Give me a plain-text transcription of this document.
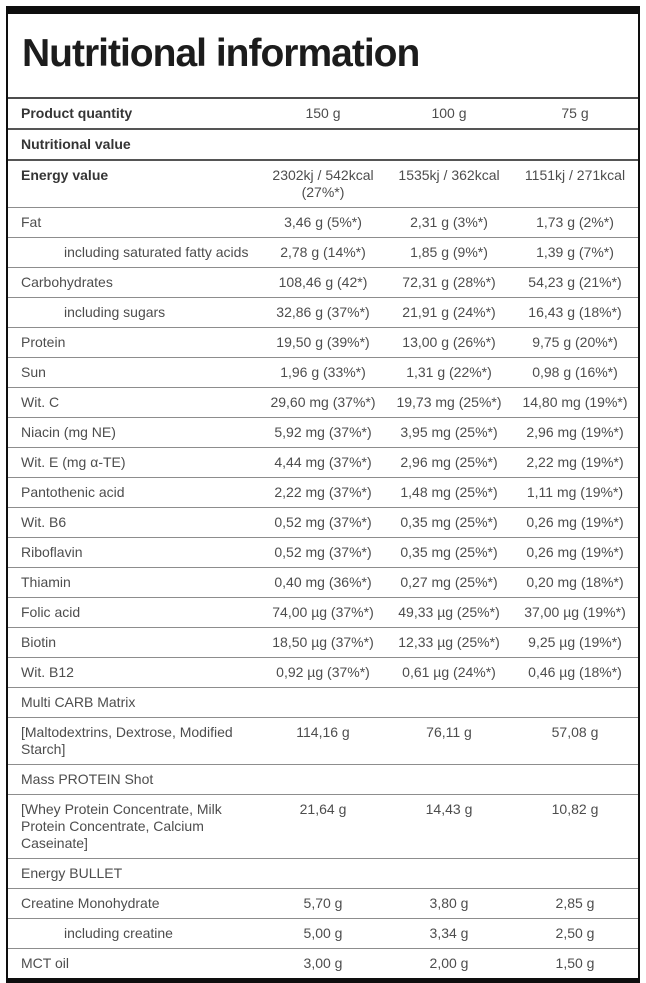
Nutritional information
Product quantity	150 g	100 g	75 g
Nutritional value			
Energy value	2302kj / 542kcal (27%*)	1535kj / 362kcal	1151kj / 271kcal
Fat	3,46 g (5%*)	2,31 g (3%*)	1,73 g (2%*)
including saturated fatty acids	2,78 g (14%*)	1,85 g (9%*)	1,39 g (7%*)
Carbohydrates	108,46 g (42*)	72,31 g (28%*)	54,23 g (21%*)
including sugars	32,86 g (37%*)	21,91 g (24%*)	16,43 g (18%*)
Protein	19,50 g (39%*)	13,00 g (26%*)	9,75 g (20%*)
Sun	1,96 g (33%*)	1,31 g (22%*)	0,98 g (16%*)
Wit. C	29,60 mg (37%*)	19,73 mg (25%*)	14,80 mg (19%*)
Niacin (mg NE)	5,92 mg (37%*)	3,95 mg (25%*)	2,96 mg (19%*)
Wit. E (mg α-TE)	4,44 mg (37%*)	2,96 mg (25%*)	2,22 mg (19%*)
Pantothenic acid	2,22 mg (37%*)	1,48 mg (25%*)	1,11 mg (19%*)
Wit. B6	0,52 mg (37%*)	0,35 mg (25%*)	0,26 mg (19%*)
Riboflavin	0,52 mg (37%*)	0,35 mg (25%*)	0,26 mg (19%*)
Thiamin	0,40 mg (36%*)	0,27 mg (25%*)	0,20 mg (18%*)
Folic acid	74,00 µg (37%*)	49,33 µg (25%*)	37,00 µg (19%*)
Biotin	18,50 µg (37%*)	12,33 µg (25%*)	9,25 µg (19%*)
Wit. B12	0,92 µg (37%*)	0,61 µg (24%*)	0,46 µg (18%*)
Multi CARB Matrix			
[Maltodextrins, Dextrose, Modified Starch]	114,16 g	76,11 g	57,08 g
Mass PROTEIN Shot			
[Whey Protein Concentrate, Milk Protein Concentrate, Calcium Caseinate]	21,64 g	14,43 g	10,82 g
Energy BULLET			
Creatine Monohydrate	5,70 g	3,80 g	2,85 g
including creatine	5,00 g	3,34 g	2,50 g
MCT oil	3,00 g	2,00 g	1,50 g
